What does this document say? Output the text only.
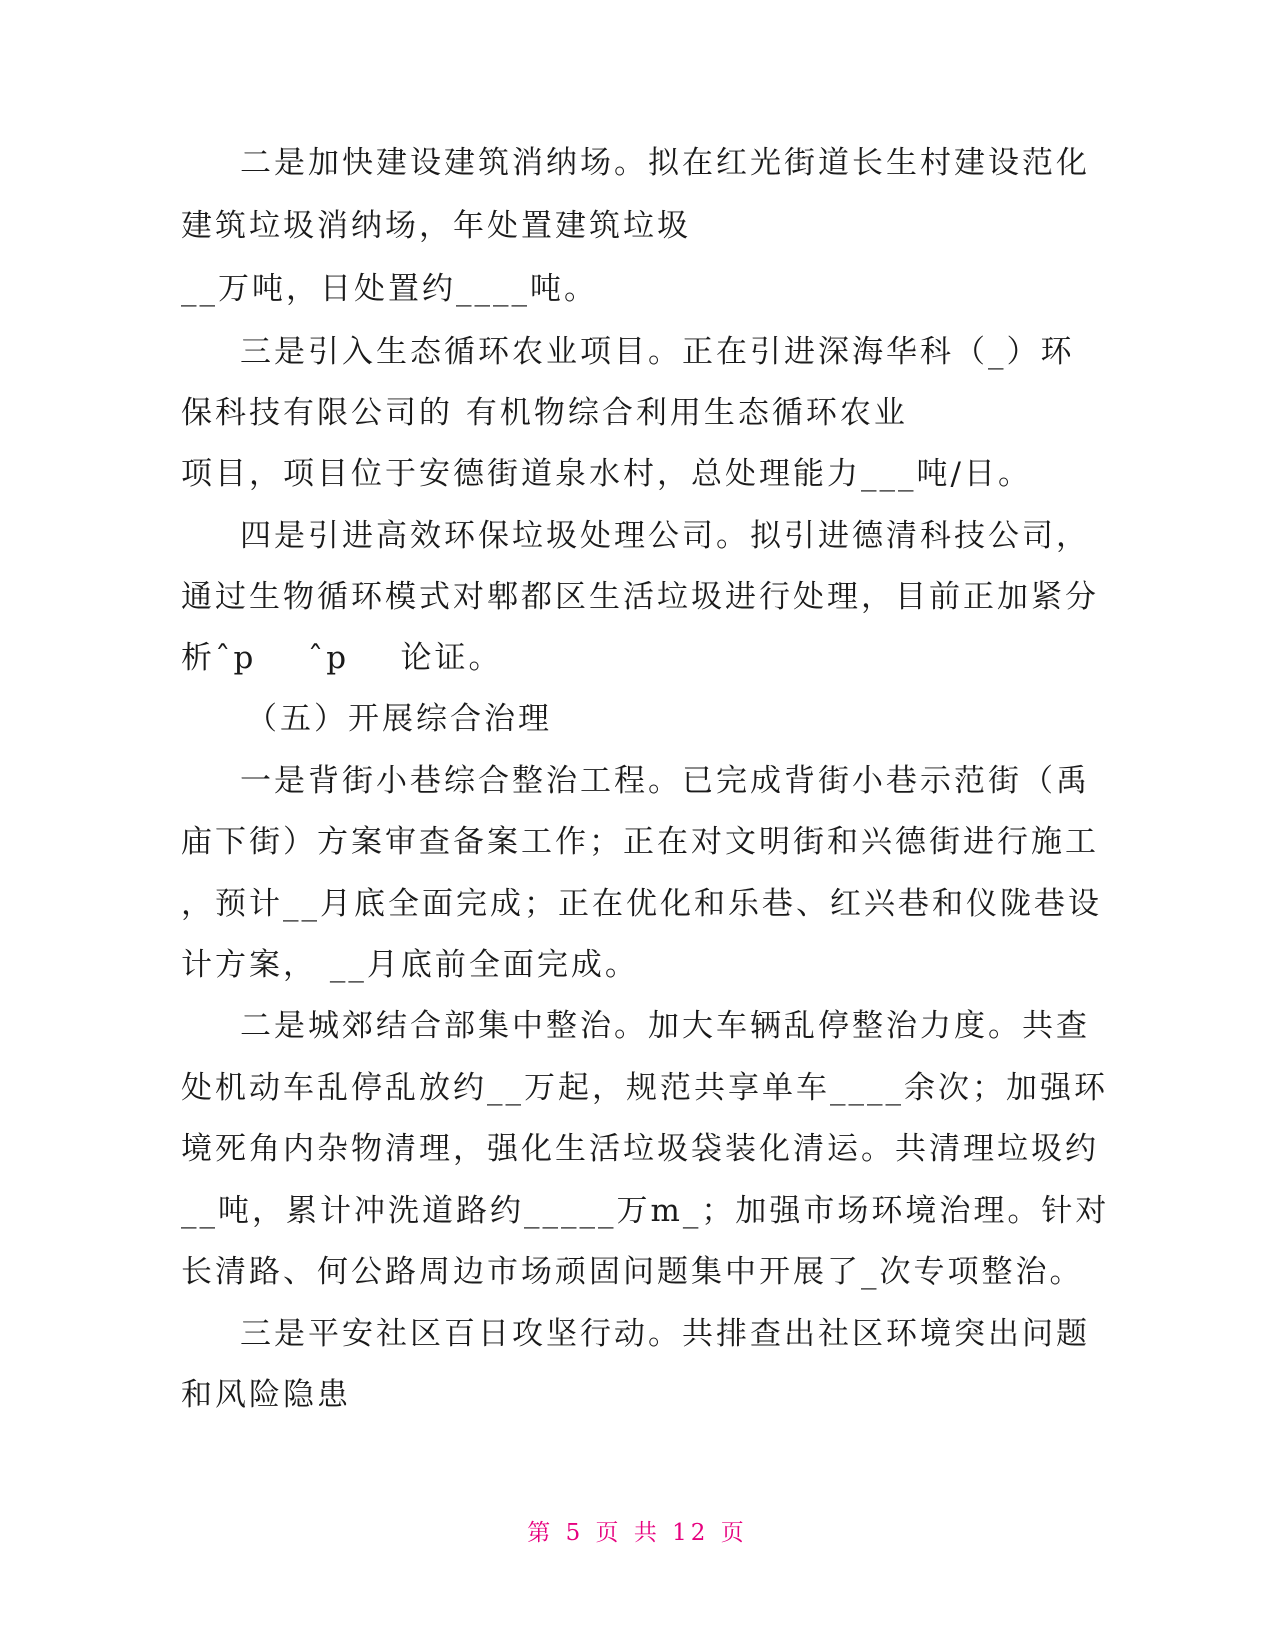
二是加快建设建筑消纳场。拟在红光街道长生村建设范化
建筑垃圾消纳场，年处置建筑垃圾
__万吨，日处置约____吨。
三是引入生态循环农业项目。正在引进深海华科（_）环
保科技有限公司的 有机物综合利用生态循环农业
项目，项目位于安德街道泉水村，总处理能力___吨/日。
四是引进高效环保垃圾处理公司。拟引进德清科技公司，
通过生物循环模式对郫都区生活垃圾进行处理，目前正加紧分
析ˆp    ˆp    论证。
（五）开展综合治理
一是背街小巷综合整治工程。已完成背街小巷示范街（禹
庙下街）方案审查备案工作；正在对文明街和兴德街进行施工
，预计__月底全面完成；正在优化和乐巷、红兴巷和仪陇巷设
计方案， __月底前全面完成。
二是城郊结合部集中整治。加大车辆乱停整治力度。共查
处机动车乱停乱放约__万起，规范共享单车____余次；加强环
境死角内杂物清理，强化生活垃圾袋装化清运。共清理垃圾约
__吨，累计冲洗道路约_____万m_；加强市场环境治理。针对
长清路、何公路周边市场顽固问题集中开展了_次专项整治。
三是平安社区百日攻坚行动。共排查出社区环境突出问题
和风险隐患
第 5 页 共 12 页
